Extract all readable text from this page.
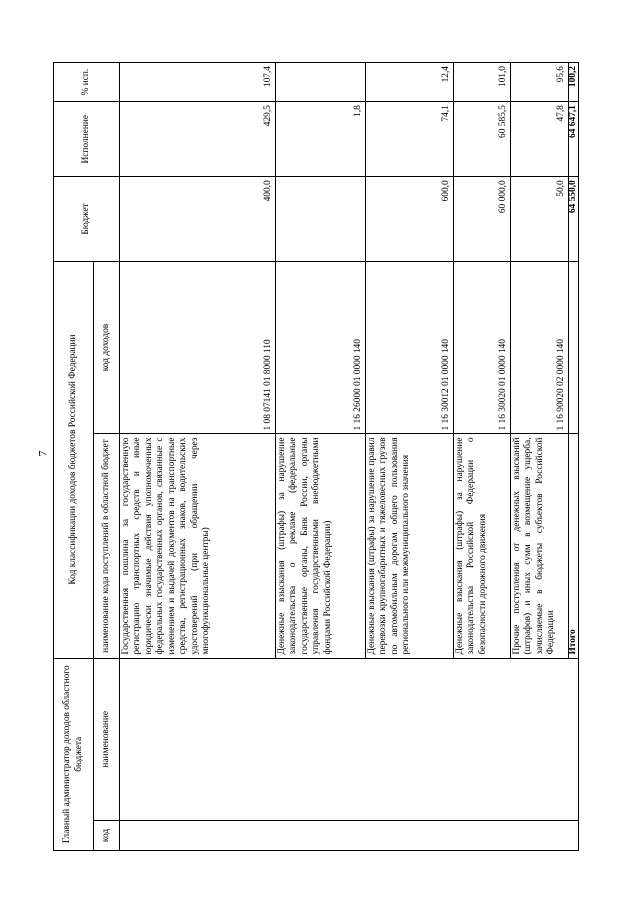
7
Главный администратор доходов областного бюджета		Код классификации доходов бюджетов Российской Федерации		Бюджет	Исполнение	% исп.
код	наименование	наименование кода поступлений в областной бюджет	код доходов			
		Государственная пошлина за государственную регистрацию транспортных средств и иные юридически значимые действия уполномоченных федеральных государственных органов, связанные с изменением и выдачей документов на транспортные средства, регистрационных знаков, водительских удостоверений (при обращении через многофункциональные центры)	1 08 07141 01 8000 110	400,0	429,5	107,4
		Денежные взыскания (штрафы) за нарушение законодательства о рекламе (федеральные государственные органы, Банк России, органы управления государственными внебюджетными фондами Российской Федерации)	1 16 26000 01 0000 140		1,8	
		Денежные взыскания (штрафы) за нарушение правил перевозки крупногабаритных и тяжеловесных грузов по автомобильным дорогам общего пользования регионального или межмуниципального значения	1 16 30012 01 0000 140	600,0	74,1	12,4
		Денежные взыскания (штрафы) за нарушение законодательства Российской Федерации о безопасности дорожного движения	1 16 30020 01 0000 140	60 000,0	60 585,5	101,0
		Прочие поступления от денежных взысканий (штрафов) и иных сумм в возмещение ущерба, зачисляемые в бюджеты субъектов Российской Федерации	1 16 90020 02 0000 140	50,0	47,8	95,6
		Итого		64 550,0	64 647,1	100,2
